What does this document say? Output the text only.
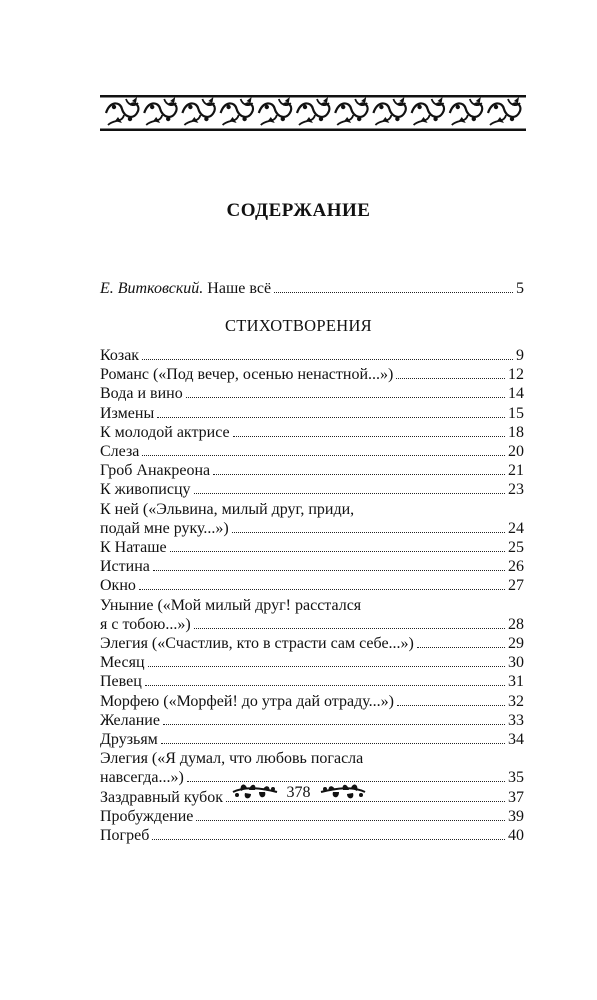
СОДЕРЖАНИЕ
Е. Витковский. Наше всё	5
СТИХОТВОРЕНИЯ
Козак	9
Романс («Под вечер, осенью ненастной...»)	12
Вода и вино	14
Измены	15
К молодой актрисе	18
Слеза	20
Гроб Анакреона	21
К живописцу	23
К ней («Эльвина, милый друг, приди,
подай мне руку...»)	24
К Наташе	25
Истина	26
Окно	27
Уныние («Мой милый друг! расстался
я с тобою...»)	28
Элегия («Счастлив, кто в страсти сам себе...»)	29
Месяц	30
Певец	31
Морфею («Морфей! до утра дай отраду...»)	32
Желание	33
Друзьям	34
Элегия («Я думал, что любовь погасла
навсегда...»)	35
Заздравный кубок	37
Пробуждение	39
Погреб	40
378
